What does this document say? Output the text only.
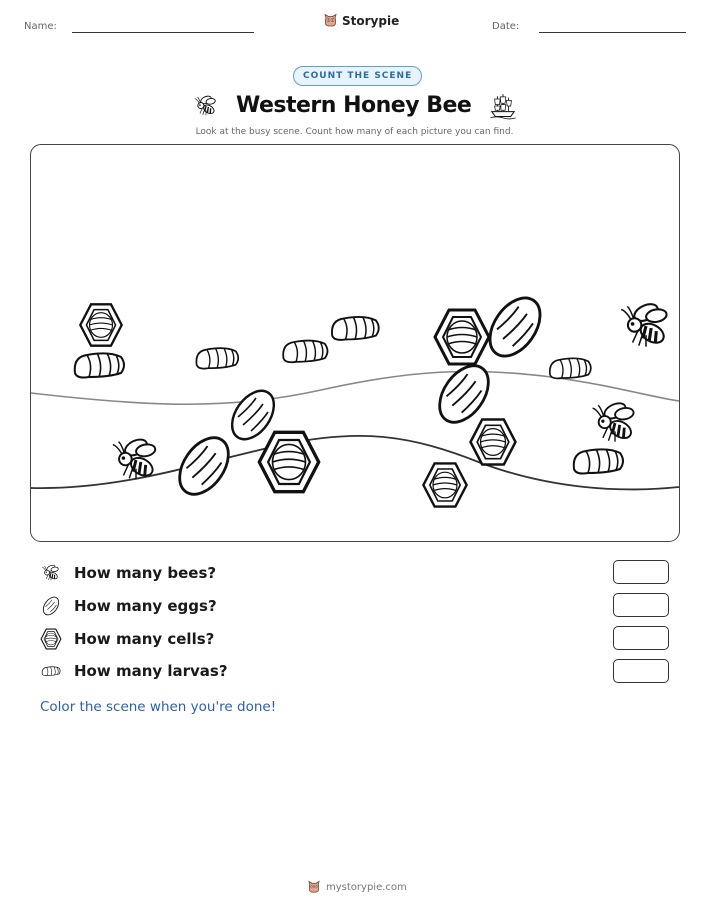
Name:	Storypie	Date:
COUNT THE SCENE
Western Honey Bee
Look at the busy scene. Count how many of each picture you can find.
How many bees?
How many eggs?
How many cells?
How many larvas?
Color the scene when you're done!
mystorypie.com
